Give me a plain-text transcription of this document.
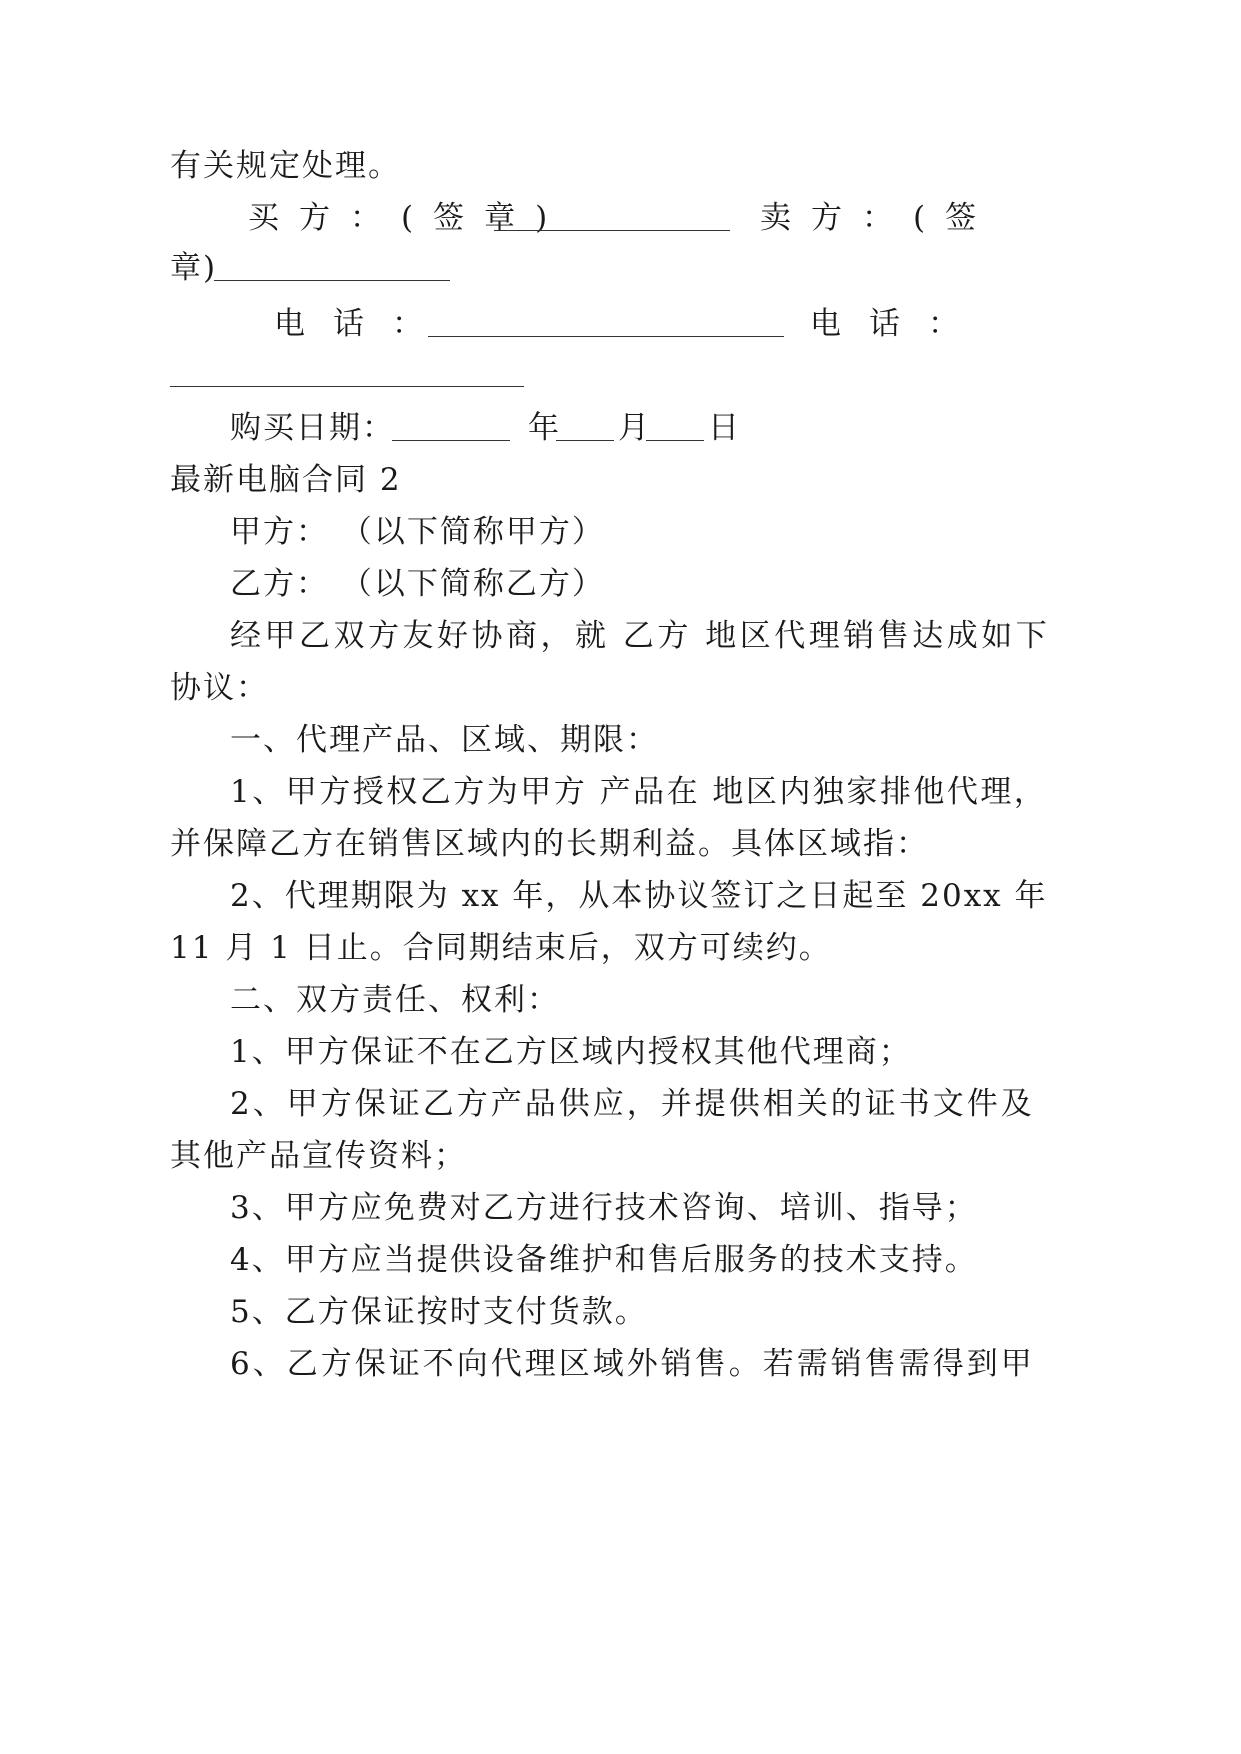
有关规定处理。
买方：(签章)	卖方：(签
章)
电话：	电话：
购买日期：	年 月 日
最新电脑合同 2
甲方： （以下简称甲方）
乙方： （以下简称乙方）
经甲乙双方友好协商，就 乙方 地区代理销售达成如下
协议：
一、代理产品、区域、期限：
1、甲方授权乙方为甲方 产品在 地区内独家排他代理，
并保障乙方在销售区域内的长期利益。具体区域指：
2、代理期限为 xx 年，从本协议签订之日起至 20xx 年
11 月 1 日止。合同期结束后，双方可续约。
二、双方责任、权利：
1、甲方保证不在乙方区域内授权其他代理商；
2、甲方保证乙方产品供应，并提供相关的证书文件及
其他产品宣传资料；
3、甲方应免费对乙方进行技术咨询、培训、指导；
4、甲方应当提供设备维护和售后服务的技术支持。
5、乙方保证按时支付货款。
6、乙方保证不向代理区域外销售。若需销售需得到甲
